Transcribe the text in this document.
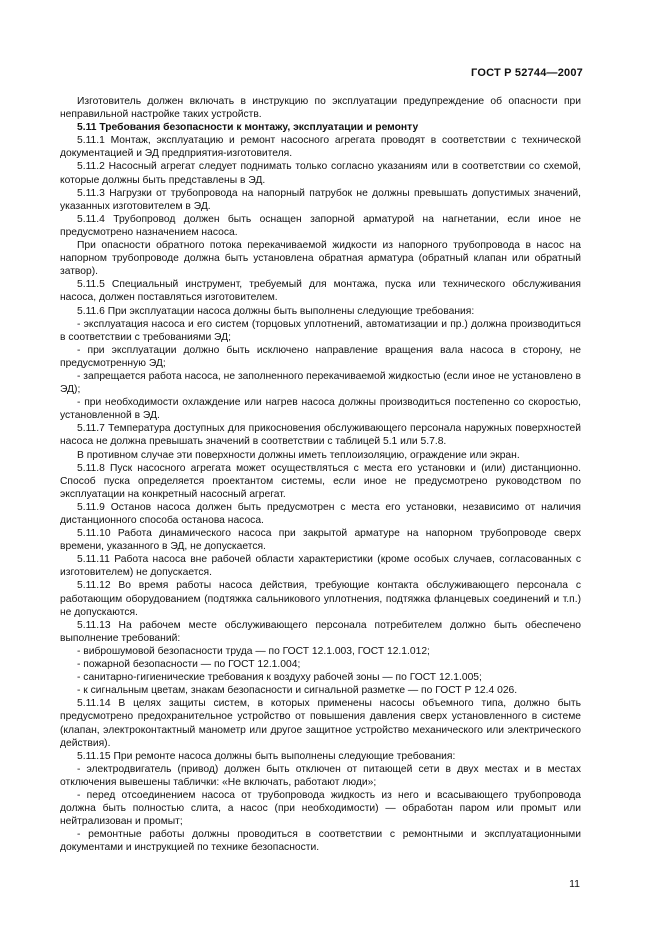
ГОСТ Р 52744—2007

Изготовитель должен включать в инструкцию по эксплуатации предупреждение об опасности при неправильной настройке таких устройств.

5.11 Требования безопасности к монтажу, эксплуатации и ремонту

5.11.1 Монтаж, эксплуатацию и ремонт насосного агрегата проводят в соответствии с технической документацией и ЭД предприятия-изготовителя.

5.11.2 Насосный агрегат следует поднимать только согласно указаниям или в соответствии со схемой, которые должны быть представлены в ЭД.

5.11.3 Нагрузки от трубопровода на напорный патрубок не должны превышать допустимых значений, указанных изготовителем в ЭД.

5.11.4 Трубопровод должен быть оснащен запорной арматурой на нагнетании, если иное не предусмотрено назначением насоса.

При опасности обратного потока перекачиваемой жидкости из напорного трубопровода в насос на напорном трубопроводе должна быть установлена обратная арматура (обратный клапан или обратный затвор).

5.11.5 Специальный инструмент, требуемый для монтажа, пуска или технического обслуживания насоса, должен поставляться изготовителем.

5.11.6 При эксплуатации насоса должны быть выполнены следующие требования:

- эксплуатация насоса и его систем (торцовых уплотнений, автоматизации и пр.) должна производиться в соответствии с требованиями ЭД;

- при эксплуатации должно быть исключено направление вращения вала насоса в сторону, не предусмотренную ЭД;

- запрещается работа насоса, не заполненного перекачиваемой жидкостью (если иное не установлено в ЭД);

- при необходимости охлаждение или нагрев насоса должны производиться постепенно со скоростью, установленной в ЭД.

5.11.7 Температура доступных для прикосновения обслуживающего персонала наружных поверхностей насоса не должна превышать значений в соответствии с таблицей 5.1 или 5.7.8.

В противном случае эти поверхности должны иметь теплоизоляцию, ограждение или экран.

5.11.8 Пуск насосного агрегата может осуществляться с места его установки и (или) дистанционно. Способ пуска определяется проектантом системы, если иное не предусмотрено руководством по эксплуатации на конкретный насосный агрегат.

5.11.9 Останов насоса должен быть предусмотрен с места его установки, независимо от наличия дистанционного способа останова насоса.

5.11.10 Работа динамического насоса при закрытой арматуре на напорном трубопроводе сверх времени, указанного в ЭД, не допускается.

5.11.11 Работа насоса вне рабочей области характеристики (кроме особых случаев, согласованных с изготовителем) не допускается.

5.11.12 Во время работы насоса действия, требующие контакта обслуживающего персонала с работающим оборудованием (подтяжка сальникового уплотнения, подтяжка фланцевых соединений и т.п.) не допускаются.

5.11.13 На рабочем месте обслуживающего персонала потребителем должно быть обеспечено выполнение требований:

- виброшумовой безопасности труда — по ГОСТ 12.1.003, ГОСТ 12.1.012;

- пожарной безопасности — по ГОСТ 12.1.004;

- санитарно-гигиенические требования к воздуху рабочей зоны — по ГОСТ 12.1.005;

- к сигнальным цветам, знакам безопасности и сигнальной разметке — по ГОСТ Р 12.4 026.

5.11.14 В целях защиты систем, в которых применены насосы объемного типа, должно быть предусмотрено предохранительное устройство от повышения давления сверх установленного в системе (клапан, электроконтактный манометр или другое защитное устройство механического или электрического действия).

5.11.15 При ремонте насоса должны быть выполнены следующие требования:

- электродвигатель (привод) должен быть отключен от питающей сети в двух местах и в местах отключения вывешены таблички: «Не включать, работают люди»;

- перед отсоединением насоса от трубопровода жидкость из него и всасывающего трубопровода должна быть полностью слита, а насос (при необходимости) — обработан паром или промыт или нейтрализован и промыт;

- ремонтные работы должны проводиться в соответствии с ремонтными и эксплуатационными документами и инструкцией по технике безопасности.

11
